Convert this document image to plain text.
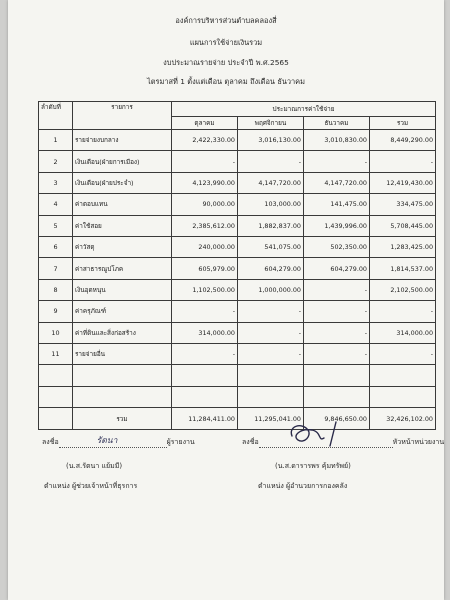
องค์การบริหารส่วนตำบลคลองสี่
แผนการใช้จ่ายเงินรวม
งบประมาณรายจ่าย ประจำปี พ.ศ.2565
ไตรมาสที่ 1 ตั้งแต่เดือน ตุลาคม ถึงเดือน ธันวาคม
ลำดับที่	รายการ	ประมาณการค่าใช้จ่าย			
		ตุลาคม	พฤศจิกายน	ธันวาคม	รวม
1	รายจ่ายงบกลาง	2,422,330.00	3,016,130.00	3,010,830.00	8,449,290.00
2	เงินเดือน(ฝ่ายการเมือง)	-	-	-	-
3	เงินเดือน(ฝ่ายประจำ)	4,123,990.00	4,147,720.00	4,147,720.00	12,419,430.00
4	ค่าตอบแทน	90,000.00	103,000.00	141,475.00	334,475.00
5	ค่าใช้สอย	2,385,612.00	1,882,837.00	1,439,996.00	5,708,445.00
6	ค่าวัสดุ	240,000.00	541,075.00	502,350.00	1,283,425.00
7	ค่าสาธารณูปโภค	605,979.00	604,279.00	604,279.00	1,814,537.00
8	เงินอุดหนุน	1,102,500.00	1,000,000.00	-	2,102,500.00
9	ค่าครุภัณฑ์	-	-	-	-
10	ค่าที่ดินและสิ่งก่อสร้าง	314,000.00	-	-	314,000.00
11	รายจ่ายอื่น	-	-	-	-

	รวม	11,284,411.00	11,295,041.00	9,846,650.00	32,426,102.00
ลงชื่อ	รัตนา	ผู้รายงาน
(น.ส.รัตนา แย้มมี)
ตำแหน่ง ผู้ช่วยเจ้าหน้าที่ธุรการ
ลงชื่อ	หัวหน้าหน่วยงาน
(น.ส.ดารารพร คุ้มทรัพย์)
ตำแหน่ง ผู้อำนวยการกองคลัง
